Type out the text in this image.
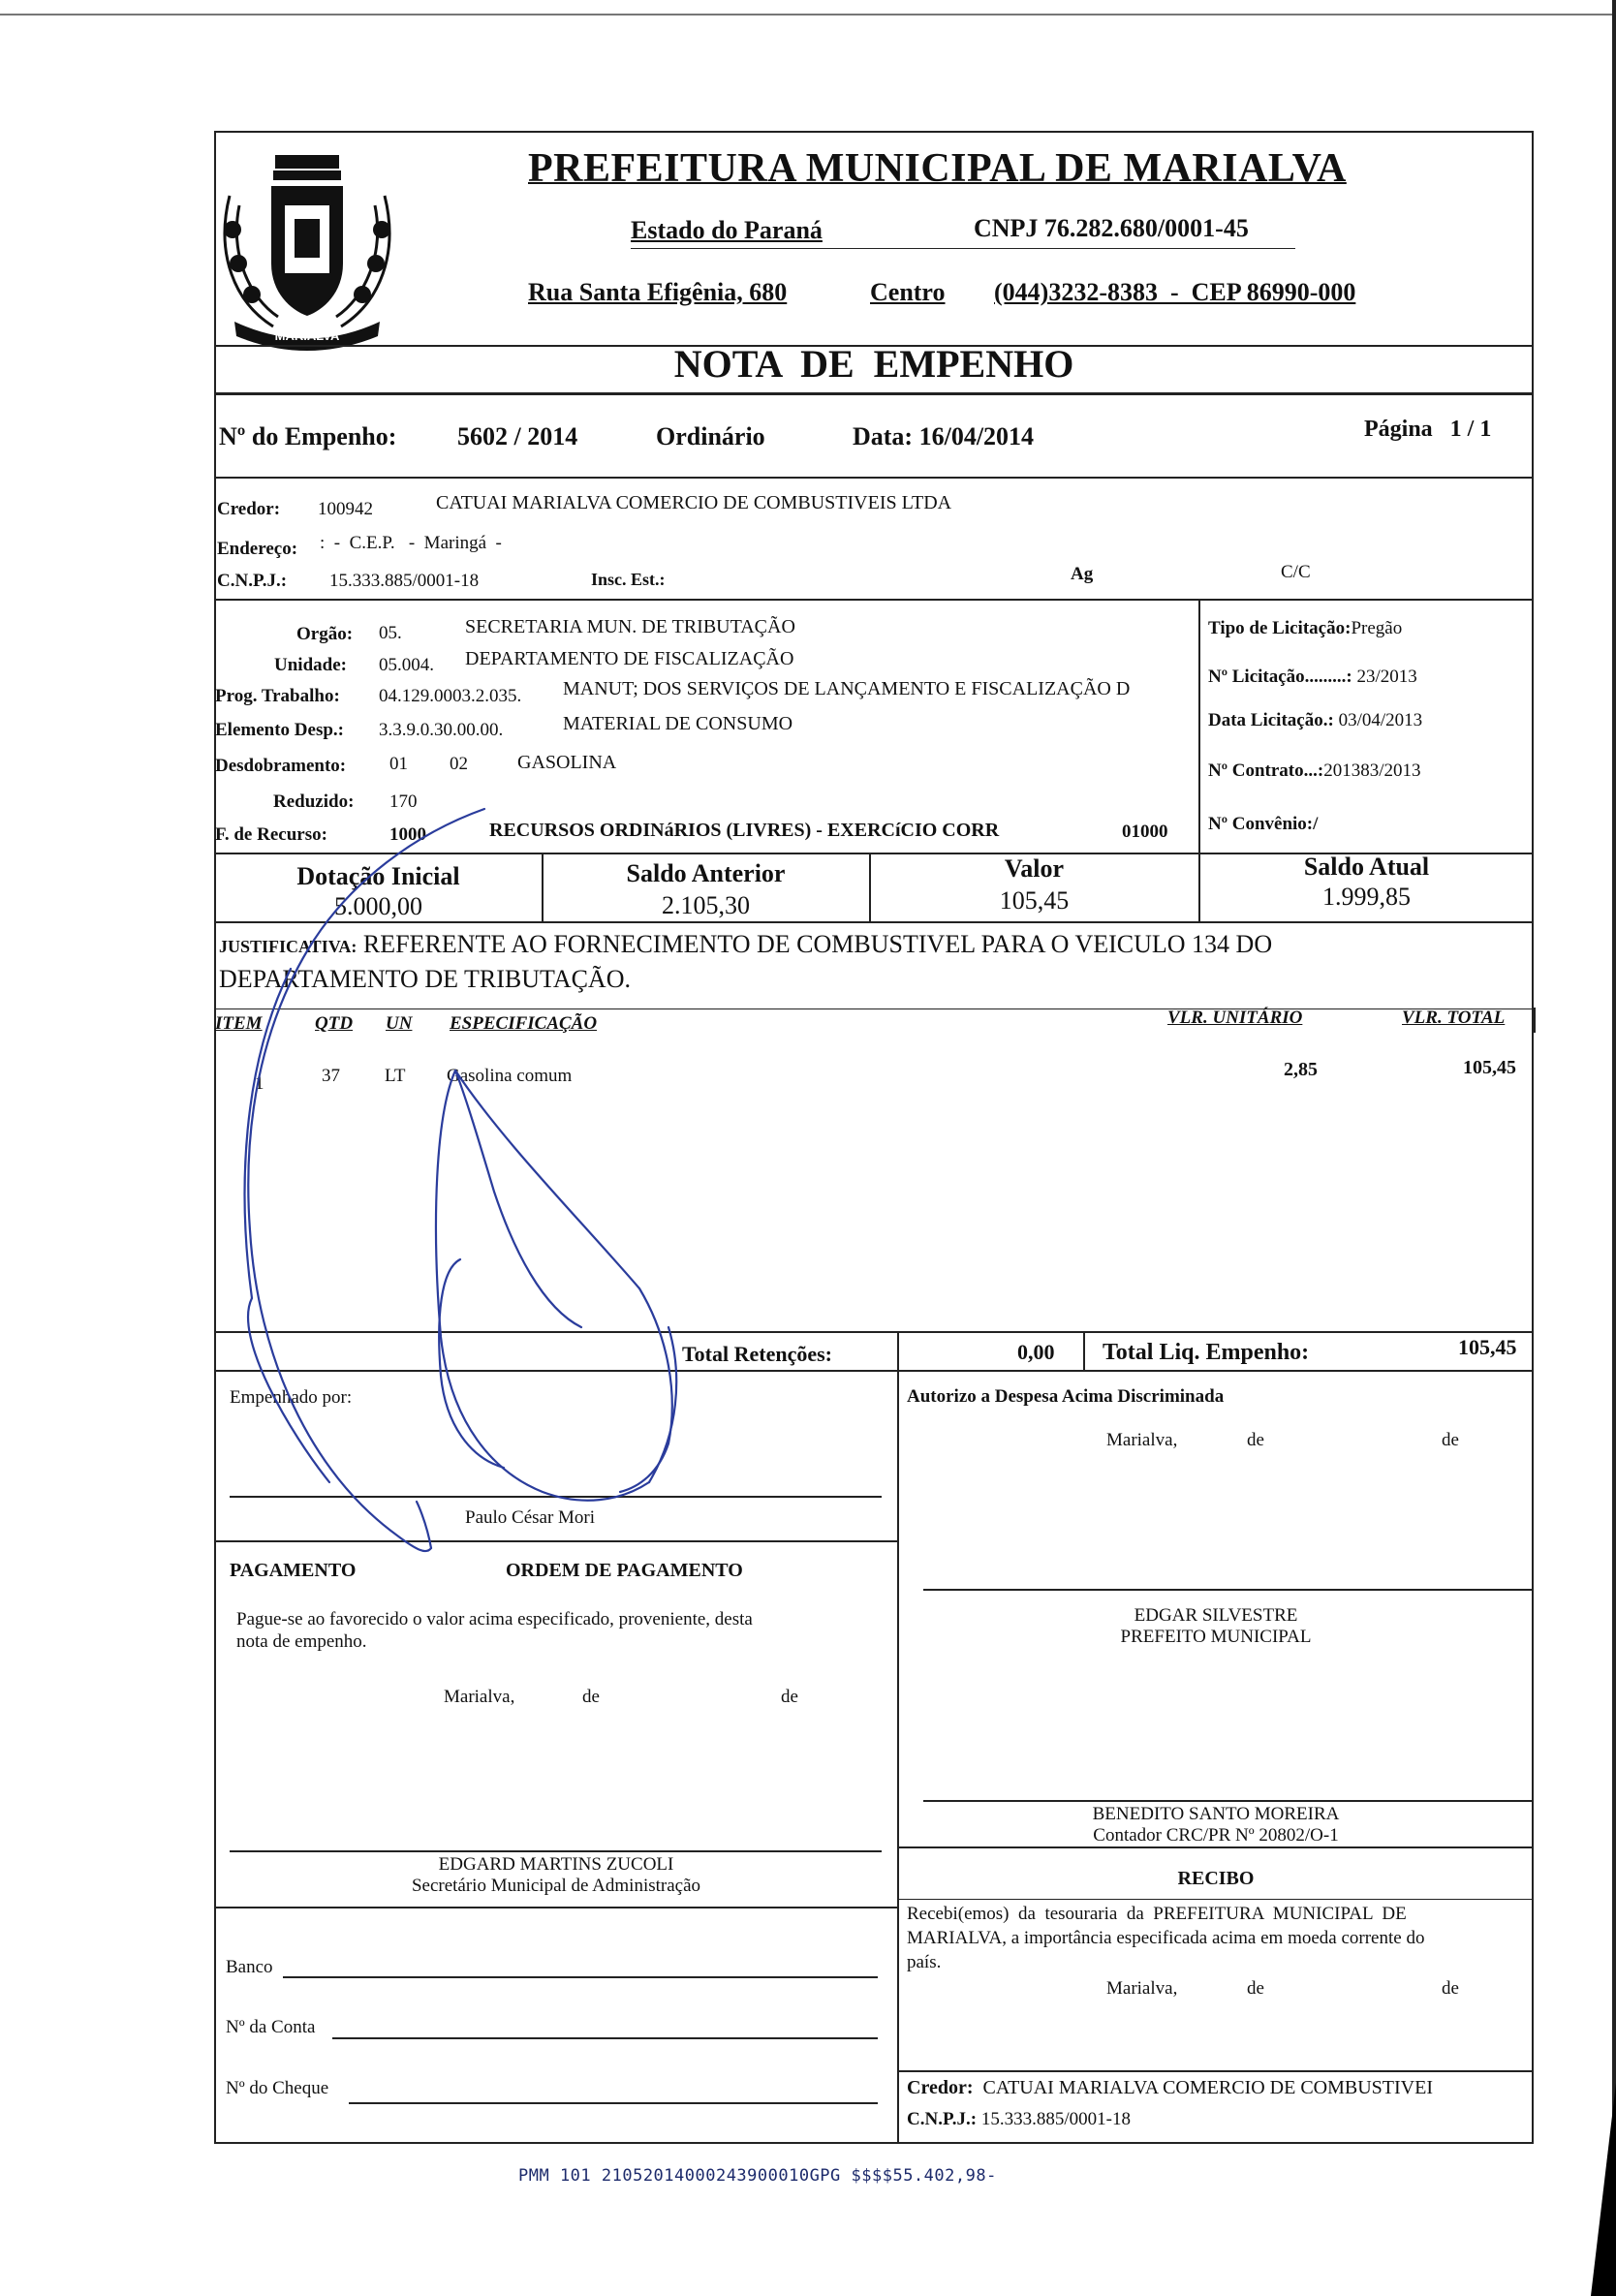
MARIALVA
PREFEITURA MUNICIPAL DE MARIALVA
Estado do Paraná	CNPJ 76.282.680/0001-45
Rua Santa Efigênia, 680	Centro (044)3232-8383  -  CEP 86990-000
NOTA  DE  EMPENHO
Nº do Empenho: 5602 / 2014	Ordinário	Data: 16/04/2014	Página   1 / 1
Credor: 100942	CATUAI MARIALVA COMERCIO DE COMBUSTIVEIS LTDA
Endereço: :  -  C.E.P.   -  Maringá  -
C.N.P.J.: 15.333.885/0001-18	Insc. Est.:	Ag	C/C
Orgão: 05.	SECRETARIA MUN. DE TRIBUTAÇÃO
Unidade: 05.004. DEPARTAMENTO DE FISCALIZAÇÃO
Prog. Trabalho: 04.129.0003.2.035. MANUT; DOS SERVIÇOS DE LANÇAMENTO E FISCALIZAÇÃO D
Elemento Desp.: 3.3.9.0.30.00.00.	MATERIAL DE CONSUMO
Desdobramento: 01 02	GASOLINA
Reduzido: 170
F. de Recurso:	1000	RECURSOS ORDINáRIOS (LIVRES) - EXERCíCIO CORR	01000
Tipo de Licitação:Pregão
Nº Licitação.........: 23/2013
Data Licitação.: 03/04/2013
Nº Contrato...:201383/2013
Nº Convênio:/
Dotação Inicial
5.000,00
Saldo Anterior
2.105,30
Valor
105,45
Saldo Atual
1.999,85
JUSTIFICATIVA: REFERENTE AO FORNECIMENTO DE COMBUSTIVEL PARA O VEICULO 134 DO
DEPARTAMENTO DE TRIBUTAÇÃO.
ITEM	QTD UN ESPECIFICAÇÃO	VLR. UNITÁRIO	VLR. TOTAL
1	37 LT Gasolina comum	2,85	105,45
Total Retenções:	0,00 Total Liq. Empenho:	105,45
Empenhado por:
Paulo César Mori
Autorizo a Despesa Acima Discriminada
Marialva,	de	de
EDGAR SILVESTRE
PREFEITO MUNICIPAL
PAGAMENTO	ORDEM DE PAGAMENTO
Pague-se ao favorecido o valor acima especificado, proveniente, desta
nota de empenho.
Marialva,	de	de
BENEDITO SANTO MOREIRA
Contador CRC/PR Nº 20802/O-1
EDGARD MARTINS ZUCOLI
Secretário Municipal de Administração	RECIBO
Recebi(emos)  da  tesouraria  da  PREFEITURA  MUNICIPAL  DE
MARIALVA, a importância especificada acima em moeda corrente do
país.
Marialva,	de	de
Banco
Nº da Conta
Nº do Cheque	Credor: CATUAI MARIALVA COMERCIO DE COMBUSTIVEI
C.N.P.J.: 15.333.885/0001-18
PMM 101 21052014000243900010GPG $$$$55.402,98-
